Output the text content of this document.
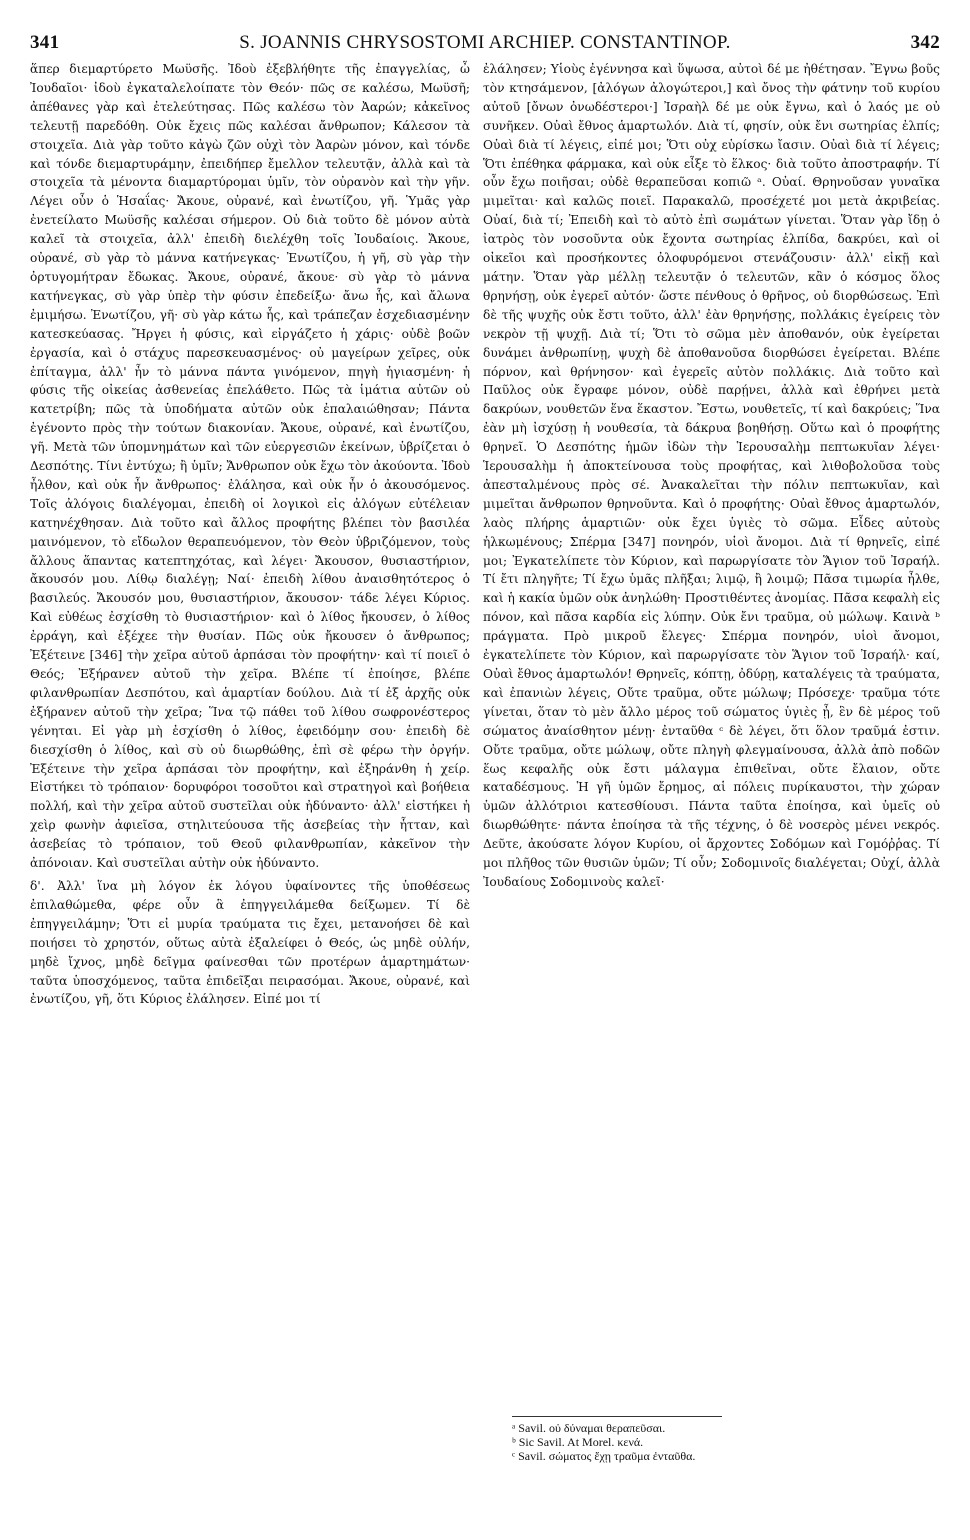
341	S. JOANNIS CHRYSOSTOMI ARCHIEP. CONSTANTINOP.	342

ἅπερ διεμαρτύρετο Μωϋσῆς. Ἰδοὺ ἐξεβλήθητε τῆς ἐπαγγελίας, ὦ Ἰουδαῖοι· ἰδοὺ ἐγκαταλελοίπατε τὸν Θεόν· πῶς σε καλέσω, Μωϋσῆ; ἀπέθανες γὰρ καὶ ἐτελεύτησας. Πῶς καλέσω τὸν Ἀαρών; κἀκεῖνος τελευτῇ παρεδόθη. Οὐκ ἔχεις πῶς καλέσαι ἄνθρωπον; Κάλεσον τὰ στοιχεῖα. Διὰ γὰρ τοῦτο κἀγὼ ζῶν οὐχὶ τὸν Ἀαρὼν μόνον, καὶ τόνδε καὶ τόνδε διεμαρτυράμην, ἐπειδήπερ ἔμελλον τελευτᾷν, ἀλλὰ καὶ τὰ στοιχεῖα τὰ μένοντα διαμαρτύρομαι ὑμῖν, τὸν οὐρανὸν καὶ τὴν γῆν. Λέγει οὖν ὁ Ἡσαΐας· Ἄκουε, οὐρανέ, καὶ ἐνωτίζου, γῆ. Ὑμᾶς γὰρ ἐνετείλατο Μωϋσῆς καλέσαι σήμερον. Οὐ διὰ τοῦτο δὲ μόνον αὐτὰ καλεῖ τὰ στοιχεῖα, ἀλλ' ἐπειδὴ διελέχθη τοῖς Ἰουδαίοις. Ἄκουε, οὐρανέ, σὺ γὰρ τὸ μάννα κατήνεγκας· Ἐνωτίζου, ἡ γῆ, σὺ γὰρ τὴν ὀρτυγομήτραν ἔδωκας. Ἄκουε, οὐρανέ, ἄκουε· σὺ γὰρ τὸ μάννα κατήνεγκας, σὺ γὰρ ὑπὲρ τὴν φύσιν ἐπεδείξω· ἄνω ἧς, καὶ ἄλωνα ἐμιμήσω. Ἐνωτίζου, γῆ· σὺ γὰρ κάτω ἧς, καὶ τράπεζαν ἐσχεδιασμένην κατεσκεύασας. Ἤργει ἡ φύσις, καὶ εἰργάζετο ἡ χάρις· οὐδὲ βοῶν ἐργασία, καὶ ὁ στάχυς παρεσκευασμένος· οὐ μαγείρων χεῖρες, οὐκ ἐπίταγμα, ἀλλ' ἦν τὸ μάννα πάντα γινόμενον, πηγὴ ἡγιασμένη· ἡ φύσις τῆς οἰκείας ἀσθενείας ἐπελάθετο. Πῶς τὰ ἱμάτια αὐτῶν οὐ κατετρίβη; πῶς τὰ ὑποδήματα αὐτῶν οὐκ ἐπαλαιώθησαν; Πάντα ἐγένοντο πρὸς τὴν τούτων διακονίαν. Ἄκουε, οὐρανέ, καὶ ἐνωτίζου, γῆ. Μετὰ τῶν ὑπομνημάτων καὶ τῶν εὐεργεσιῶν ἐκείνων, ὑβρίζεται ὁ Δεσπότης. Τίνι ἐντύχω; ἢ ὑμῖν; Ἄνθρωπον οὐκ ἔχω τὸν ἀκούοντα. Ἰδοὺ ἦλθον, καὶ οὐκ ἦν ἄνθρωπος· ἐλάλησα, καὶ οὐκ ἦν ὁ ἀκουσόμενος. Τοῖς ἀλόγοις διαλέγομαι, ἐπειδὴ οἱ λογικοὶ εἰς ἀλόγων εὐτέλειαν κατηνέχθησαν. Διὰ τοῦτο καὶ ἄλλος προφήτης βλέπει τὸν βασιλέα μαινόμενον, τὸ εἴδωλον θεραπευόμενον, τὸν Θεὸν ὑβριζόμενον, τοὺς ἄλλους ἅπαντας κατεπτηχότας, καὶ λέγει· Ἄκουσον, θυσιαστήριον, ἄκουσόν μου. Λίθῳ διαλέγῃ; Ναί· ἐπειδὴ λίθου ἀναισθητότερος ὁ βασιλεύς. Ἄκουσόν μου, θυσιαστήριον, ἄκουσον· τάδε λέγει Κύριος. Καὶ εὐθέως ἐσχίσθη τὸ θυσιαστήριον· καὶ ὁ λίθος ἤκουσεν, ὁ λίθος ἐρράγη, καὶ ἐξέχεε τὴν θυσίαν. Πῶς οὐκ ἤκουσεν ὁ ἄνθρωπος; Ἐξέτεινε [346] τὴν χεῖρα αὐτοῦ ἁρπάσαι τὸν προφήτην· καὶ τί ποιεῖ ὁ Θεός; Ἐξήρανεν αὐτοῦ τὴν χεῖρα. Βλέπε τί ἐποίησε, βλέπε φιλανθρωπίαν Δεσπότου, καὶ ἁμαρτίαν δούλου. Διὰ τί ἐξ ἀρχῆς οὐκ ἐξήρανεν αὐτοῦ τὴν χεῖρα; Ἵνα τῷ πάθει τοῦ λίθου σωφρονέστερος γένηται. Εἰ γὰρ μὴ ἐσχίσθη ὁ λίθος, ἐφειδόμην σου· ἐπειδὴ δὲ διεσχίσθη ὁ λίθος, καὶ σὺ οὐ διωρθώθης, ἐπὶ σὲ φέρω τὴν ὀργήν. Ἐξέτεινε τὴν χεῖρα ἁρπάσαι τὸν προφήτην, καὶ ἐξηράνθη ἡ χείρ. Εἰστήκει τὸ τρόπαιον· δορυφόροι τοσοῦτοι καὶ στρατηγοὶ καὶ βοήθεια πολλή, καὶ τὴν χεῖρα αὐτοῦ συστεῖλαι οὐκ ἠδύναντο· ἀλλ' εἰστήκει ἡ χεὶρ φωνὴν ἀφιεῖσα, στηλιτεύουσα τῆς ἀσεβείας τὴν ἧτταν, καὶ ἀσεβείας τὸ τρόπαιον, τοῦ Θεοῦ φιλανθρωπίαν, κἀκεῖνον τὴν ἀπόνοιαν. Καὶ συστεῖλαι αὐτὴν οὐκ ἠδύναντο.

δ'. Ἀλλ' ἵνα μὴ λόγον ἐκ λόγου ὑφαίνοντες τῆς ὑποθέσεως ἐπιλαθώμεθα, φέρε οὖν ἃ ἐπηγγειλάμεθα δείξωμεν. Τί δὲ ἐπηγγειλάμην; Ὅτι εἰ μυρία τραύματα τις ἔχει, μετανοήσει δὲ καὶ ποιήσει τὸ χρηστόν, οὕτως αὐτὰ ἐξαλείφει ὁ Θεός, ὡς μηδὲ οὐλήν, μηδὲ ἴχνος, μηδὲ δεῖγμα φαίνεσθαι τῶν προτέρων ἁμαρτημάτων· ταῦτα ὑποσχόμενος, ταῦτα ἐπιδεῖξαι πειρασόμαι. Ἄκουε, οὐρανέ, καὶ ἐνωτίζου, γῆ, ὅτι Κύριος ἐλάλησεν. Εἰπέ μοι τί

ἐλάλησεν; Υἱοὺς ἐγέννησα καὶ ὕψωσα, αὐτοὶ δέ με ἠθέτησαν. Ἔγνω βοῦς τὸν κτησάμενον, [ἀλόγων ἀλογώτεροι,] καὶ ὄνος τὴν φάτνην τοῦ κυρίου αὐτοῦ [ὄνων ὀνωδέστεροι·] Ἰσραὴλ δέ με οὐκ ἔγνω, καὶ ὁ λαός με οὐ συνῆκεν. Οὐαὶ ἔθνος ἁμαρτωλόν. Διὰ τί, φησίν, οὐκ ἔνι σωτηρίας ἐλπίς; Οὐαὶ διὰ τί λέγεις, εἰπέ μοι; Ὅτι οὐχ εὑρίσκω ἴασιν. Οὐαὶ διὰ τί λέγεις; Ὅτι ἐπέθηκα φάρμακα, καὶ οὐκ εἶξε τὸ ἕλκος· διὰ τοῦτο ἀποστραφήν. Τί οὖν ἔχω ποιῆσαι; οὐδὲ θεραπεῦσαι κοπιῶ ᵃ. Οὐαί. Θρηνοῦσαν γυναῖκα μιμεῖται· καὶ καλῶς ποιεῖ. Παρακαλῶ, προσέχετέ μοι μετὰ ἀκριβείας. Οὐαί, διὰ τί; Ἐπειδὴ καὶ τὸ αὐτὸ ἐπὶ σωμάτων γίνεται. Ὅταν γὰρ ἴδῃ ὁ ἰατρὸς τὸν νοσοῦντα οὐκ ἔχοντα σωτηρίας ἐλπίδα, δακρύει, καὶ οἱ οἰκεῖοι καὶ προσήκοντες ὀλοφυρόμενοι στενάζουσιν· ἀλλ' εἰκῇ καὶ μάτην. Ὅταν γὰρ μέλλῃ τελευτᾷν ὁ τελευτῶν, κἂν ὁ κόσμος ὅλος θρηνήσῃ, οὐκ ἐγερεῖ αὐτόν· ὥστε πένθους ὁ θρῆνος, οὐ διορθώσεως. Ἐπὶ δὲ τῆς ψυχῆς οὐκ ἔστι τοῦτο, ἀλλ' ἐὰν θρηνήσῃς, πολλάκις ἐγείρεις τὸν νεκρὸν τῇ ψυχῇ. Διὰ τί; Ὅτι τὸ σῶμα μὲν ἀποθανόν, οὐκ ἐγείρεται δυνάμει ἀνθρωπίνῃ, ψυχὴ δὲ ἀποθανοῦσα διορθώσει ἐγείρεται. Βλέπε πόρνον, καὶ θρήνησον· καὶ ἐγερεῖς αὐτὸν πολλάκις. Διὰ τοῦτο καὶ Παῦλος οὐκ ἔγραφε μόνον, οὐδὲ παρῄνει, ἀλλὰ καὶ ἐθρήνει μετὰ δακρύων, νουθετῶν ἕνα ἕκαστον. Ἔστω, νουθετεῖς, τί καὶ δακρύεις; Ἵνα ἐὰν μὴ ἰσχύσῃ ἡ νουθεσία, τὰ δάκρυα βοηθήσῃ. Οὕτω καὶ ὁ προφήτης θρηνεῖ. Ὁ Δεσπότης ἡμῶν ἰδὼν τὴν Ἱερουσαλὴμ πεπτωκυῖαν λέγει· Ἱερουσαλὴμ ἡ ἀποκτείνουσα τοὺς προφήτας, καὶ λιθοβολοῦσα τοὺς ἀπεσταλμένους πρὸς σέ. Ἀνακαλεῖται τὴν πόλιν πεπτωκυῖαν, καὶ μιμεῖται ἄνθρωπον θρηνοῦντα. Καὶ ὁ προφήτης· Οὐαὶ ἔθνος ἁμαρτωλόν, λαὸς πλήρης ἁμαρτιῶν· οὐκ ἔχει ὑγιὲς τὸ σῶμα. Εἶδες αὐτοὺς ἡλκωμένους; Σπέρμα [347] πονηρόν, υἱοὶ ἄνομοι. Διὰ τί θρηνεῖς, εἰπέ μοι; Ἐγκατελίπετε τὸν Κύριον, καὶ παρωργίσατε τὸν Ἅγιον τοῦ Ἰσραήλ. Τί ἔτι πληγῆτε; Τί ἔχω ὑμᾶς πλῆξαι; λιμῷ, ἢ λοιμῷ; Πᾶσα τιμωρία ἦλθε, καὶ ἡ κακία ὑμῶν οὐκ ἀνηλώθη· Προστιθέντες ἀνομίας. Πᾶσα κεφαλὴ εἰς πόνον, καὶ πᾶσα καρδία εἰς λύπην. Οὐκ ἔνι τραῦμα, οὐ μώλωψ. Καινὰ ᵇ πράγματα. Πρὸ μικροῦ ἔλεγες· Σπέρμα πονηρόν, υἱοὶ ἄνομοι, ἐγκατελίπετε τὸν Κύριον, καὶ παρωργίσατε τὸν Ἅγιον τοῦ Ἰσραήλ· καί, Οὐαὶ ἔθνος ἁμαρτωλόν! Θρηνεῖς, κόπτῃ, ὀδύρῃ, καταλέγεις τὰ τραύματα, καὶ ἐπανιὼν λέγεις, Οὔτε τραῦμα, οὔτε μώλωψ; Πρόσεχε· τραῦμα τότε γίνεται, ὅταν τὸ μὲν ἄλλο μέρος τοῦ σώματος ὑγιὲς ᾖ, ἓν δὲ μέρος τοῦ σώματος ἀναίσθητον μένῃ· ἐνταῦθα ᶜ δὲ λέγει, ὅτι ὅλον τραῦμά ἐστιν. Οὔτε τραῦμα, οὔτε μώλωψ, οὔτε πληγὴ φλεγμαίνουσα, ἀλλὰ ἀπὸ ποδῶν ἕως κεφαλῆς οὐκ ἔστι μάλαγμα ἐπιθεῖναι, οὔτε ἔλαιον, οὔτε καταδέσμους. Ἡ γῆ ὑμῶν ἔρημος, αἱ πόλεις πυρίκαυστοι, τὴν χώραν ὑμῶν ἀλλότριοι κατεσθίουσι. Πάντα ταῦτα ἐποίησα, καὶ ὑμεῖς οὐ διωρθώθητε· πάντα ἐποίησα τὰ τῆς τέχνης, ὁ δὲ νοσερὸς μένει νεκρός. Δεῦτε, ἀκούσατε λόγον Κυρίου, οἱ ἄρχοντες Σοδόμων καὶ Γομόῤῥας. Τί μοι πλῆθος τῶν θυσιῶν ὑμῶν; Τί οὖν; Σοδομινοῖς διαλέγεται; Οὐχί, ἀλλὰ Ἰουδαίους Σοδομινοὺς καλεῖ·

ᵃ Savil. οὐ δύναμαι θεραπεῦσαι.
ᵇ Sic Savil. At Morel. κενά.
ᶜ Savil. σώματος ἔχῃ τραῦμα ἐνταῦθα.
